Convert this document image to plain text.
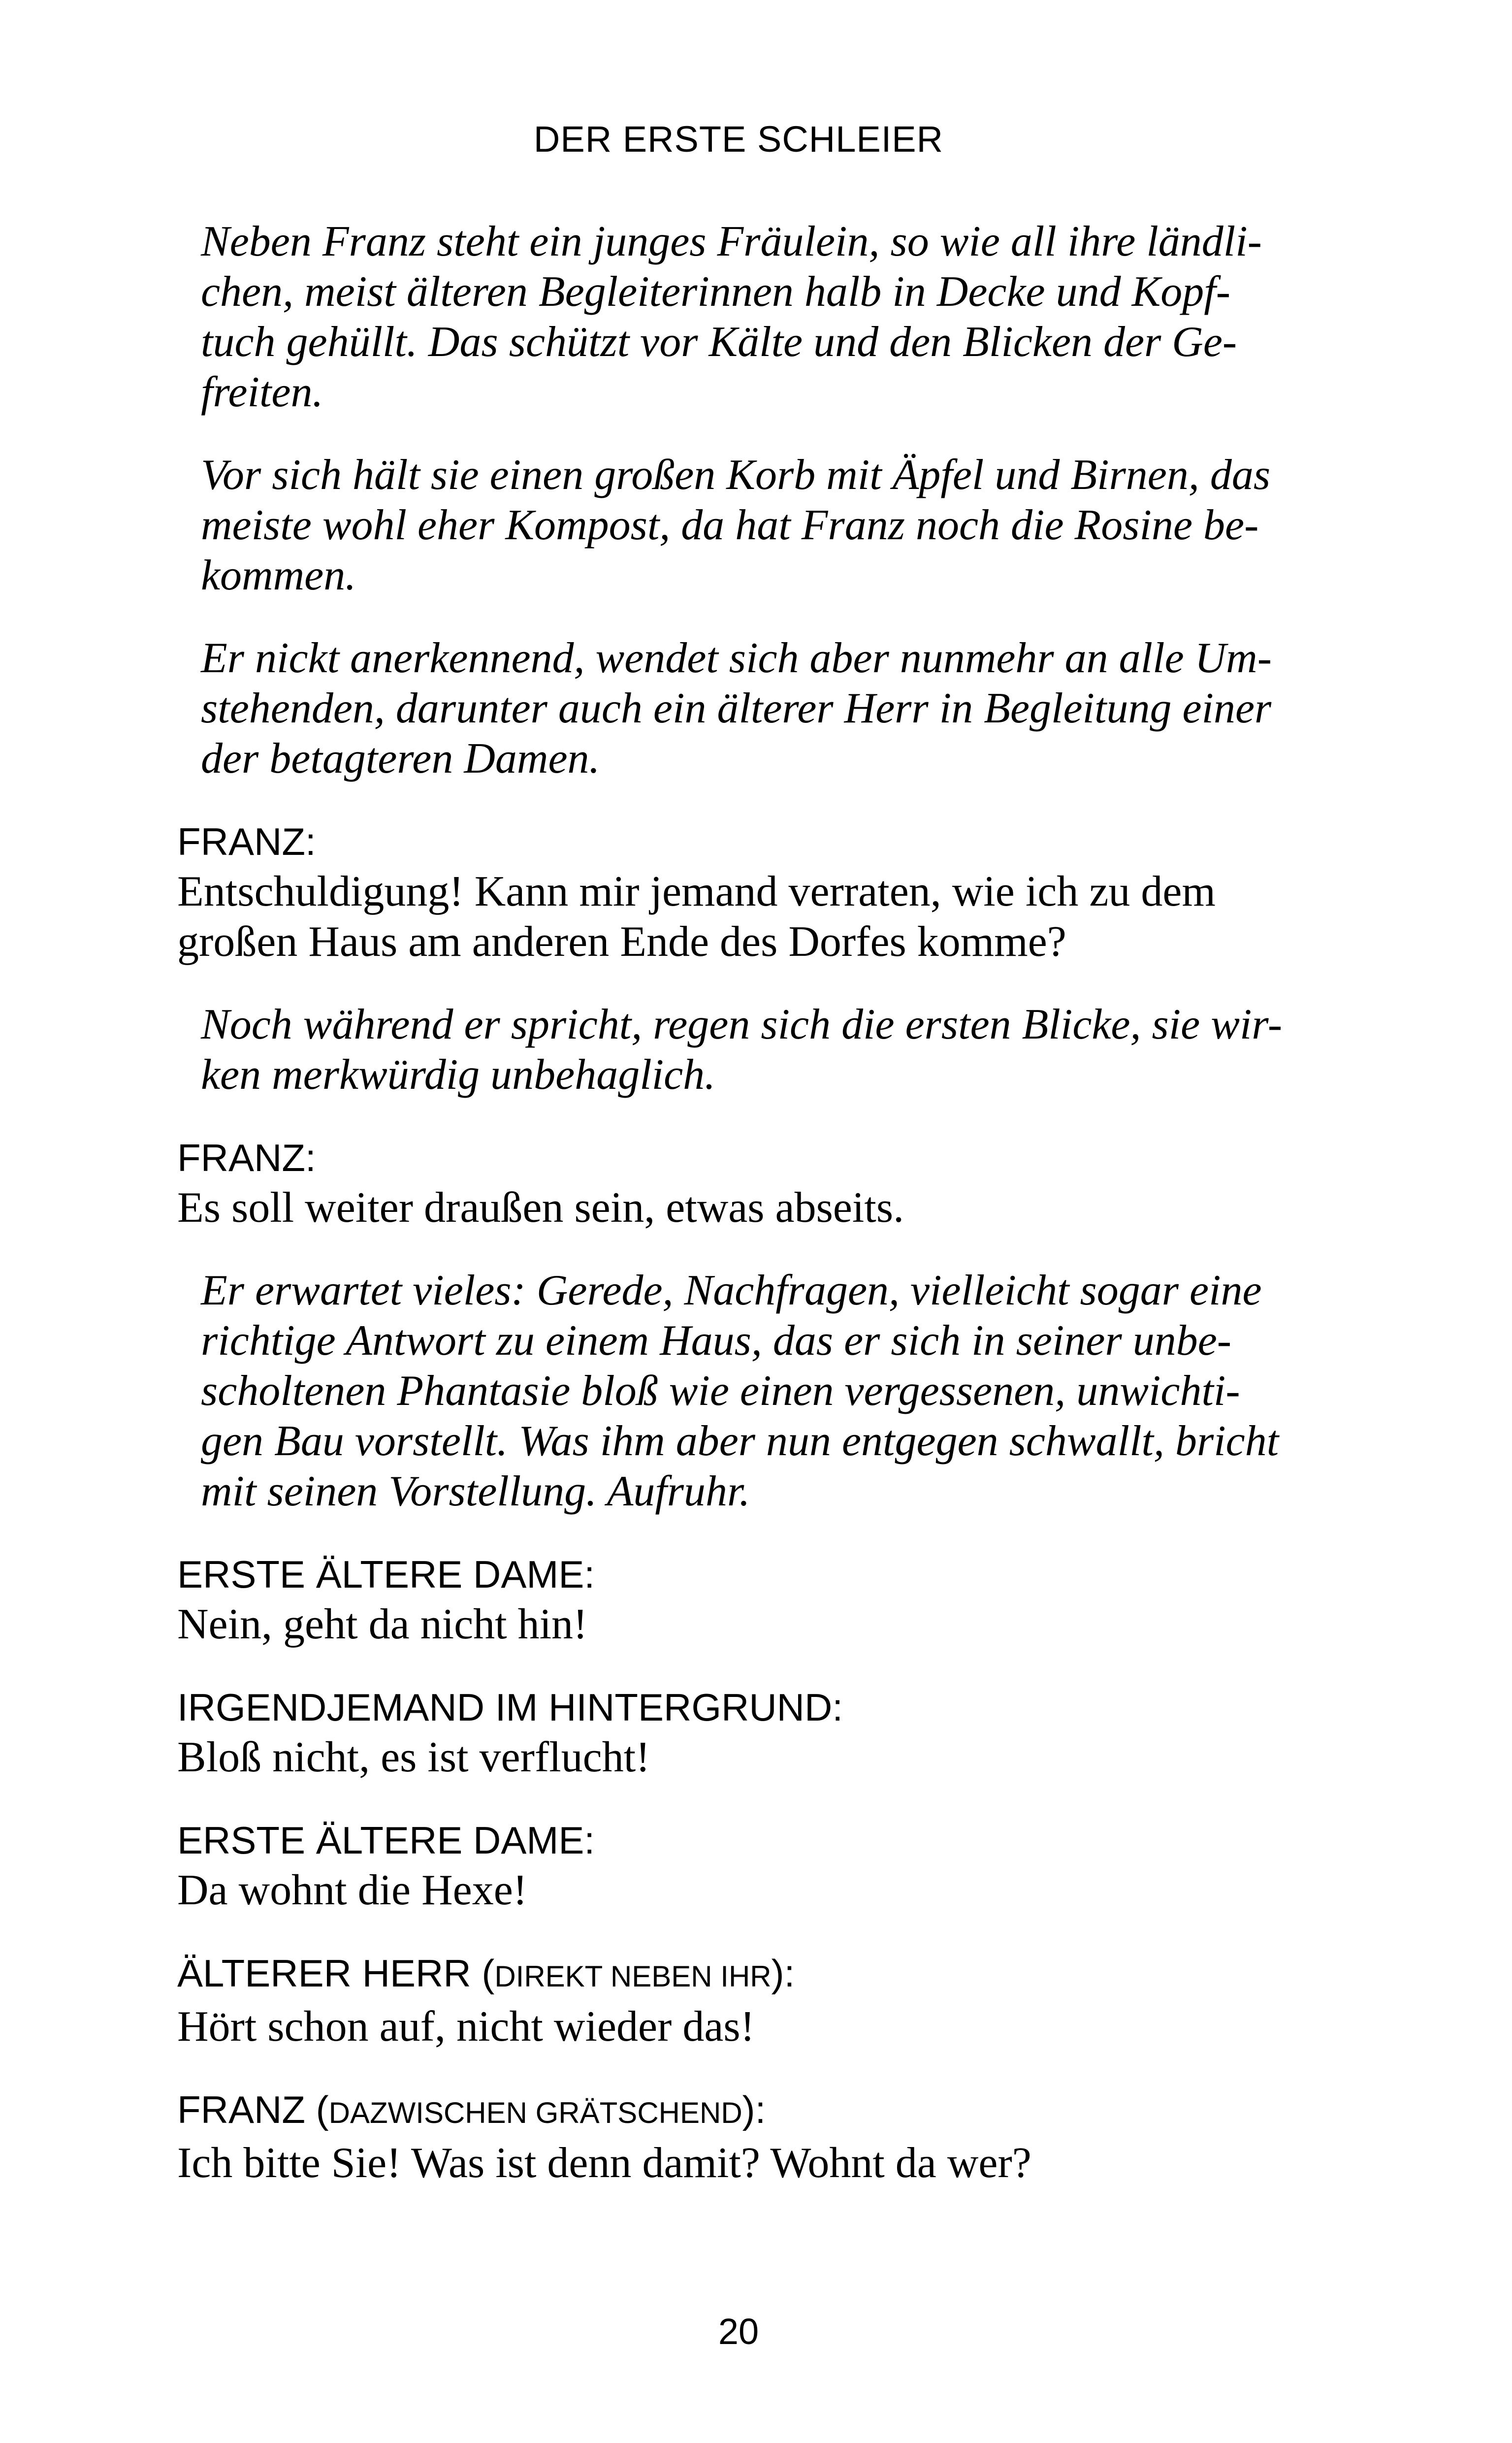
DER ERSTE SCHLEIER
Neben Franz steht ein junges Fräulein, so wie all ihre ländli-
chen, meist älteren Begleiterinnen halb in Decke und Kopf-
tuch gehüllt. Das schützt vor Kälte und den Blicken der Ge-
freiten.
Vor sich hält sie einen großen Korb mit Äpfel und Birnen, das
meiste wohl eher Kompost, da hat Franz noch die Rosine be-
kommen.
Er nickt anerkennend, wendet sich aber nunmehr an alle Um-
stehenden, darunter auch ein älterer Herr in Begleitung einer
der betagteren Damen.
FRANZ:
Entschuldigung! Kann mir jemand verraten, wie ich zu dem
großen Haus am anderen Ende des Dorfes komme?
Noch während er spricht, regen sich die ersten Blicke, sie wir-
ken merkwürdig unbehaglich.
FRANZ:
Es soll weiter draußen sein, etwas abseits.
Er erwartet vieles: Gerede, Nachfragen, vielleicht sogar eine
richtige Antwort zu einem Haus, das er sich in seiner unbe-
scholtenen Phantasie bloß wie einen vergessenen, unwichti-
gen Bau vorstellt. Was ihm aber nun entgegen schwallt, bricht
mit seinen Vorstellung. Aufruhr.
ERSTE ÄLTERE DAME:
Nein, geht da nicht hin!
IRGENDJEMAND IM HINTERGRUND:
Bloß nicht, es ist verflucht!
ERSTE ÄLTERE DAME:
Da wohnt die Hexe!
ÄLTERER HERR (DIREKT NEBEN IHR):
Hört schon auf, nicht wieder das!
FRANZ (DAZWISCHEN GRÄTSCHEND):
Ich bitte Sie! Was ist denn damit? Wohnt da wer?
20
